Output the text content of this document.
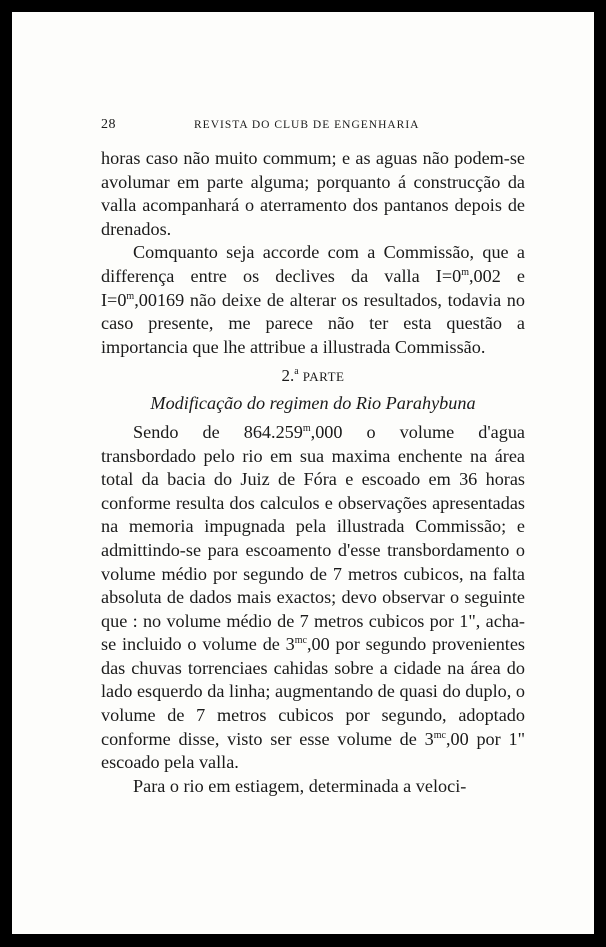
28	REVISTA DO CLUB DE ENGENHARIA

horas caso não muito commum; e as aguas não podem-se avolumar em parte alguma; porquanto á construcção da valla acompanhará o aterramento dos pantanos depois de drenados.

Comquanto seja accorde com a Commissão, que a differença entre os declives da valla $I=0^m,002$ e $I=0^m,00169$ não deixe de alterar os resultados, todavia no caso presente, me parece não ter esta questão a importancia que lhe attribue a illustrada Commissão.

2.$^a$ PARTE
Modificação do regimen do Rio Parahybuna

Sendo de 864.259$^m$,000 o volume d'agua transbordado pelo rio em sua maxima enchente na área total da bacia do Juiz de Fóra e escoado em 36 horas conforme resulta dos calculos e observações apresentadas na memoria impugnada pela illustrada Commissão; e admittindo-se para escoamento d'esse transbordamento o volume médio por segundo de 7 metros cubicos, na falta absoluta de dados mais exactos; devo observar o seguinte que : no volume médio de 7 metros cubicos por 1", acha-se incluido o volume de $3^{mc},00$ por segundo provenientes das chuvas torrenciaes cahidas sobre a cidade na área do lado esquerdo da linha; augmentando de quasi do duplo, o volume de 7 metros cubicos por segundo, adoptado conforme disse, visto ser esse volume de $3^{mc},00$ por 1" escoado pela valla.

Para o rio em estiagem, determinada a veloci-
